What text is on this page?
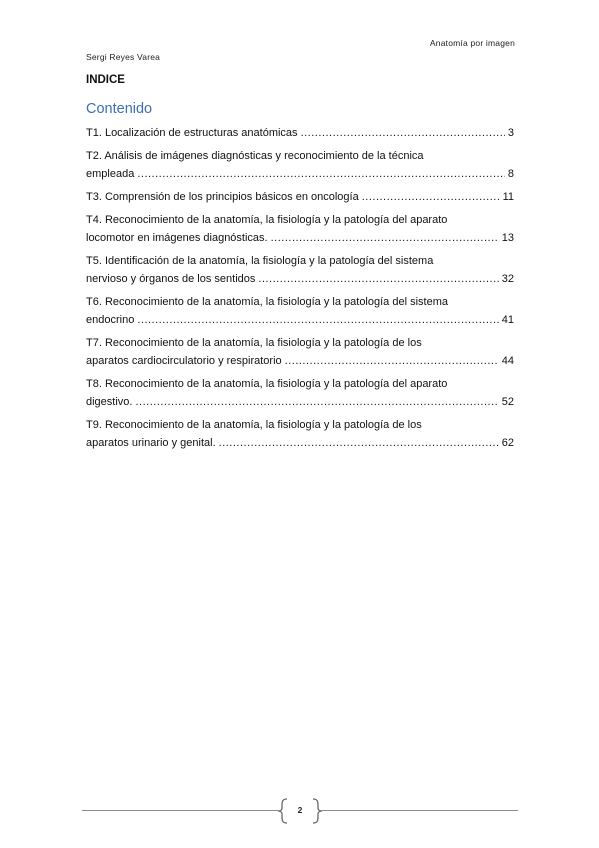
Anatomía por imagen
Sergi Reyes Varea
INDICE
Contenido
T1. Localización de estructuras anatómicas .....	3
T2. Análisis de imágenes diagnósticas y reconocimiento de la técnica
empleada .....	8
T3. Comprensión de los principios básicos en oncología .....	11
T4. Reconocimiento de la anatomía, la fisiología y la patología del aparato
locomotor en imágenes diagnósticas. .....	13
T5. Identificación de la anatomía, la fisiología y la patología del sistema
nervioso y órganos de los sentidos .....	32
T6. Reconocimiento de la anatomía, la fisiología y la patología del sistema
endocrino .....	41
T7. Reconocimiento de la anatomía, la fisiología y la patología de los
aparatos cardiocirculatorio y respiratorio .....	44
T8. Reconocimiento de la anatomía, la fisiología y la patología del aparato
digestivo. .....	52
T9. Reconocimiento de la anatomía, la fisiología y la patología de los
aparatos urinario y genital. .....	62
2
